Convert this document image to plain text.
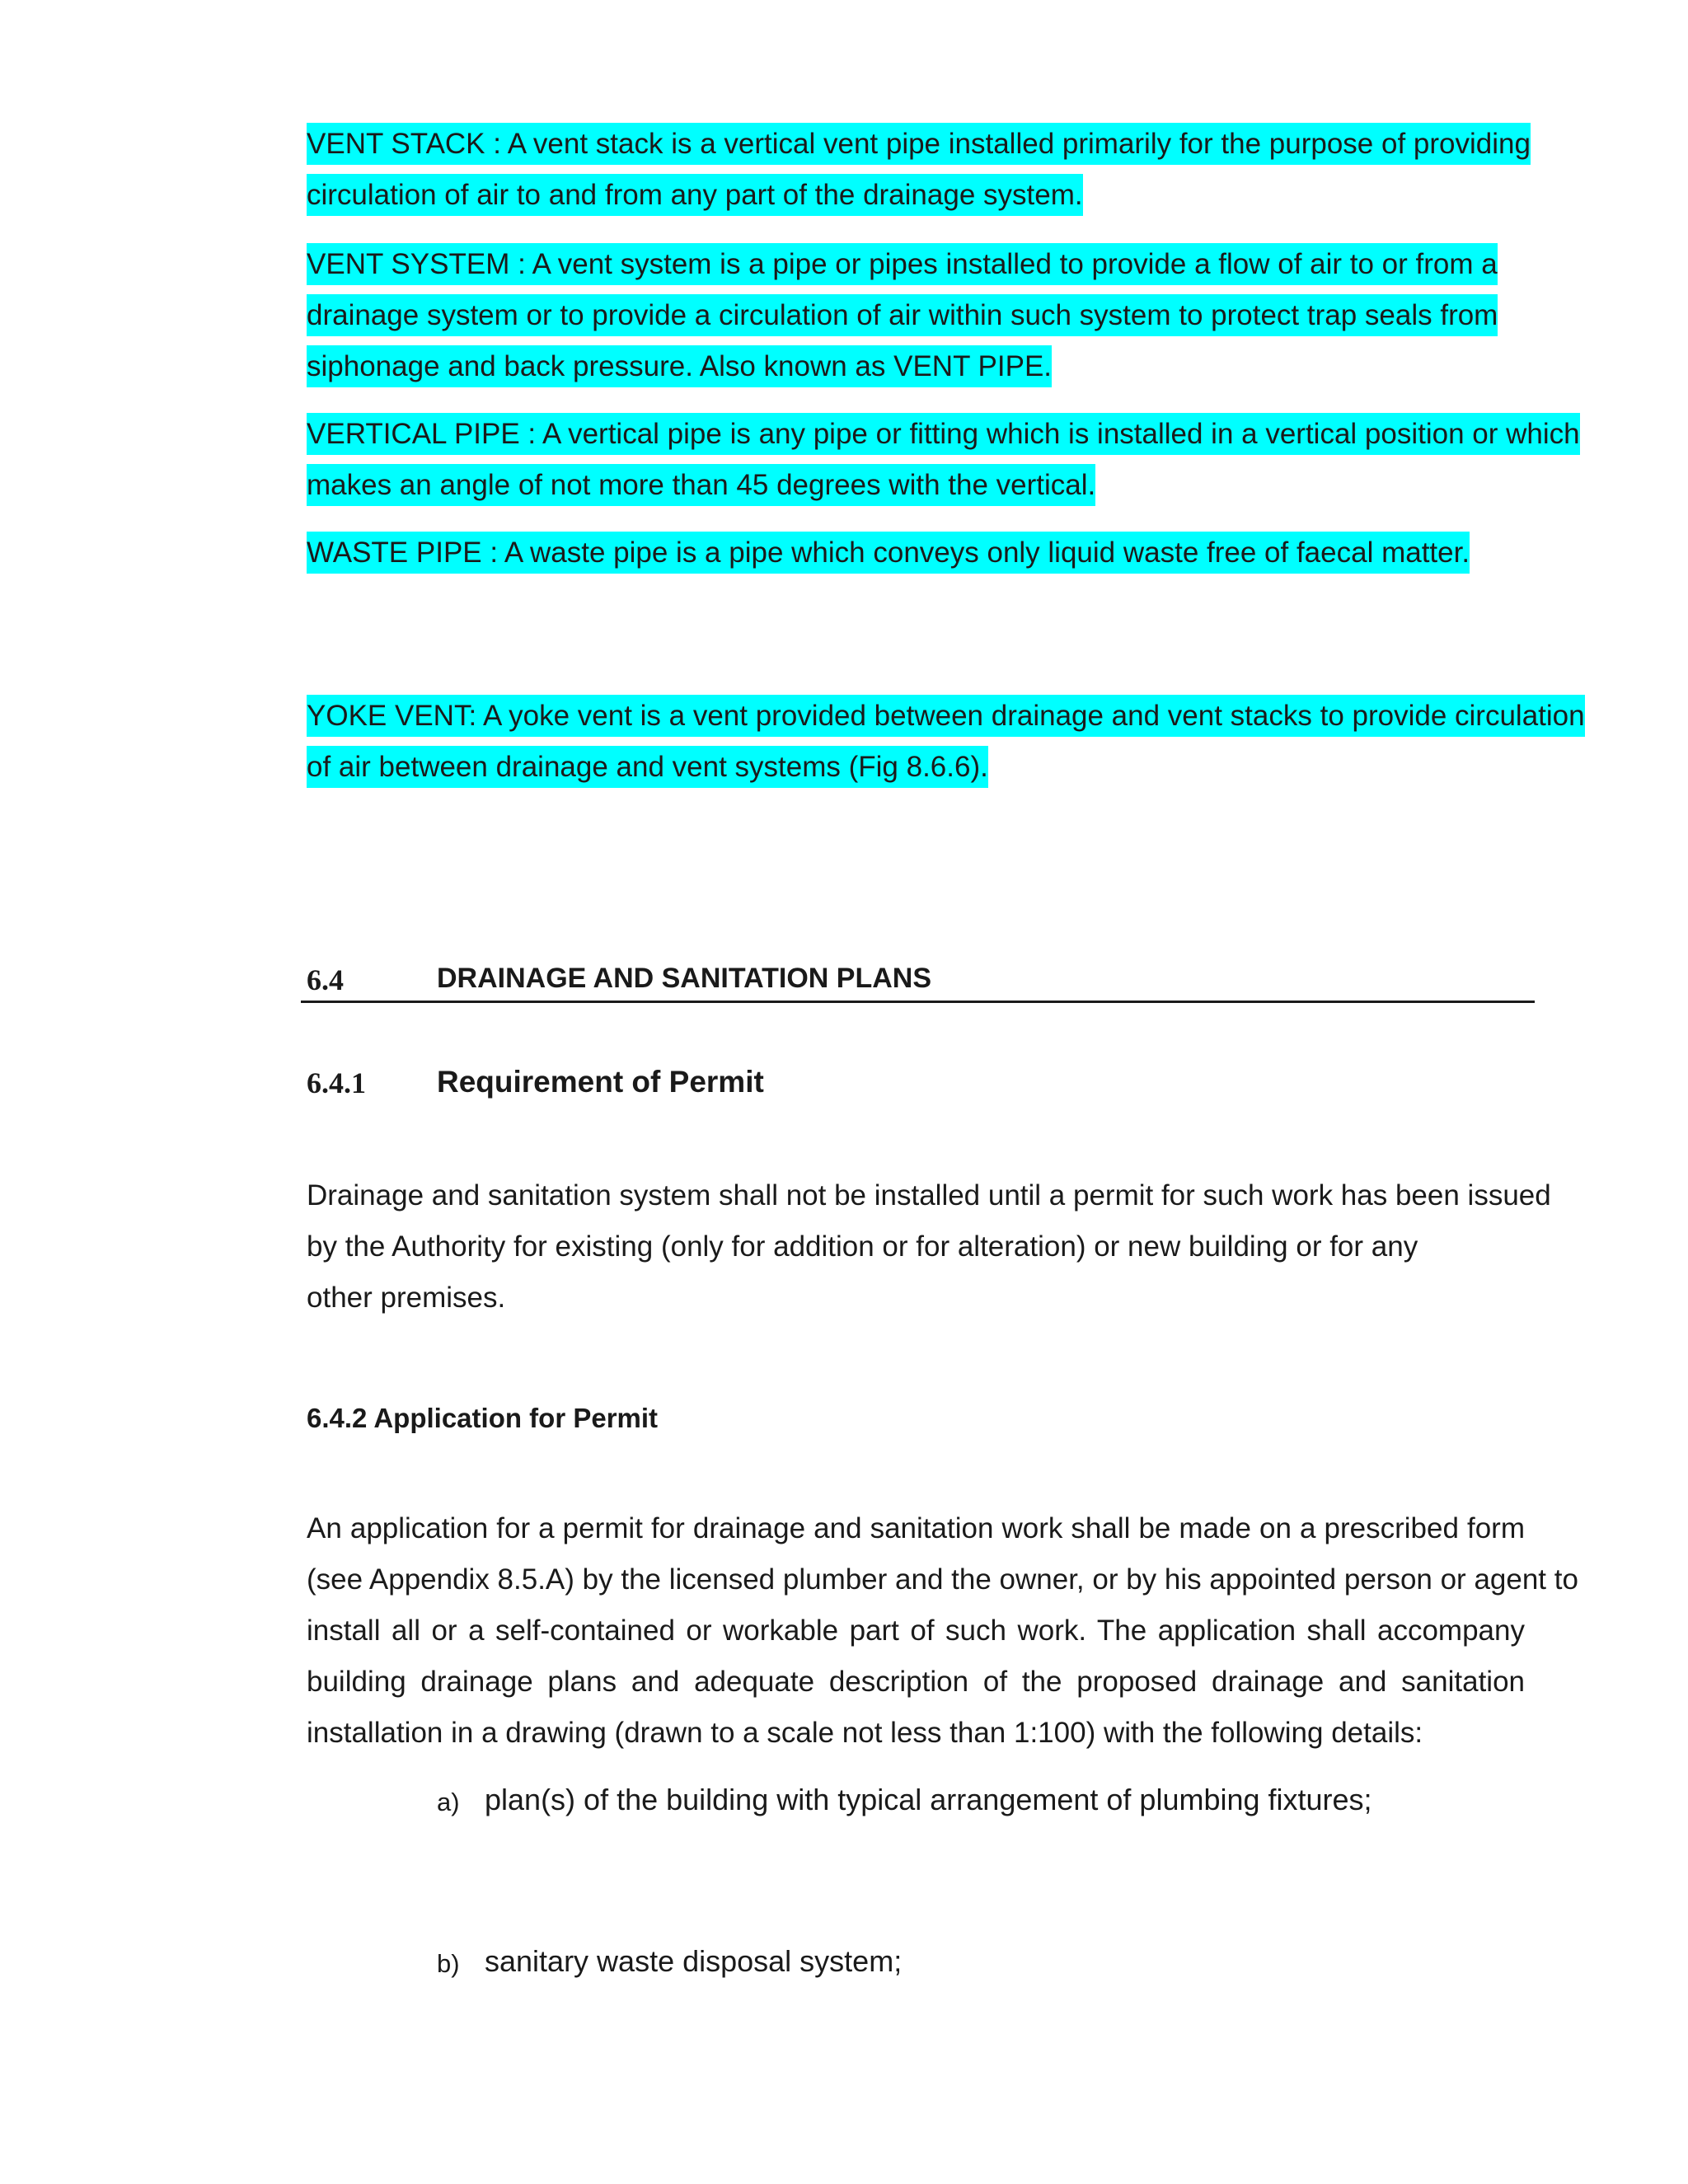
VENT STACK : A vent stack is a vertical vent pipe installed primarily for the purpose of providing
circulation of air to and from any part of the drainage system.
VENT SYSTEM : A vent system is a pipe or pipes installed to provide a flow of air to or from a
drainage system or to provide a circulation of air within such system to protect trap seals from
siphonage and back pressure. Also known as VENT PIPE.
VERTICAL PIPE : A vertical pipe is any pipe or fitting which is installed in a vertical position or which
makes an angle of not more than 45 degrees with the vertical.
WASTE PIPE : A waste pipe is a pipe which conveys only liquid waste free of faecal matter.
YOKE VENT: A yoke vent is a vent provided between drainage and vent stacks to provide circulation
of air between drainage and vent systems (Fig 8.6.6).
6.4	DRAINAGE AND SANITATION PLANS
6.4.1 Requirement of Permit
Drainage and sanitation system shall not be installed until a permit for such work has been issued
by the Authority for existing (only for addition or for alteration) or new building or for any
other premises.
6.4.2 Application for Permit
An application for a permit for drainage and sanitation work shall be made on a prescribed form
(see Appendix 8.5.A) by the licensed plumber and the owner, or by his appointed person or agent to
install all or a self-contained or workable part of such work. The application shall accompany
building drainage plans and adequate description of the proposed drainage and sanitation
installation in a drawing (drawn to a scale not less than 1:100) with the following details:
a) plan(s) of the building with typical arrangement of plumbing fixtures;
b) sanitary waste disposal system;
